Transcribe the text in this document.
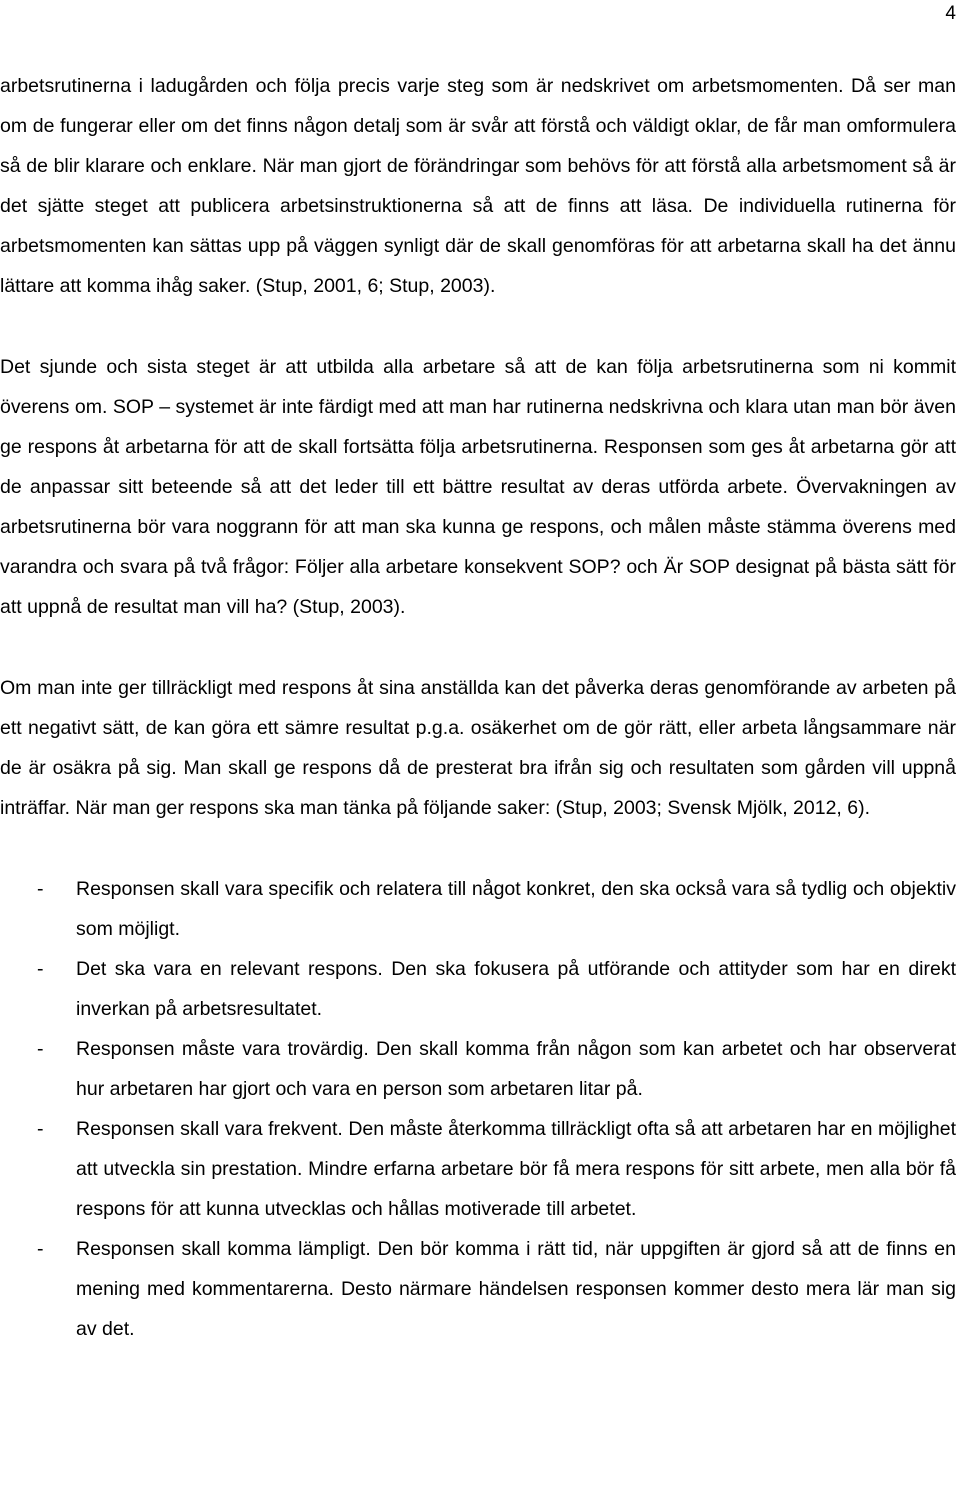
4

arbetsrutinerna i ladugården och följa precis varje steg som är nedskrivet om arbetsmomenten. Då ser man om de fungerar eller om det finns någon detalj som är svår att förstå och väldigt oklar, de får man omformulera så de blir klarare och enklare. När man gjort de förändringar som behövs för att förstå alla arbetsmoment så är det sjätte steget att publicera arbetsinstruktionerna så att de finns att läsa. De individuella rutinerna för arbetsmomenten kan sättas upp på väggen synligt där de skall genomföras för att arbetarna skall ha det ännu lättare att komma ihåg saker. (Stup, 2001, 6; Stup, 2003).

Det sjunde och sista steget är att utbilda alla arbetare så att de kan följa arbetsrutinerna som ni kommit överens om. SOP – systemet är inte färdigt med att man har rutinerna nedskrivna och klara utan man bör även ge respons åt arbetarna för att de skall fortsätta följa arbetsrutinerna. Responsen som ges åt arbetarna gör att de anpassar sitt beteende så att det leder till ett bättre resultat av deras utförda arbete. Övervakningen av arbetsrutinerna bör vara noggrann för att man ska kunna ge respons, och målen måste stämma överens med varandra och svara på två frågor: Följer alla arbetare konsekvent SOP? och Är SOP designat på bästa sätt för att uppnå de resultat man vill ha? (Stup, 2003).

Om man inte ger tillräckligt med respons åt sina anställda kan det påverka deras genomförande av arbeten på ett negativt sätt, de kan göra ett sämre resultat p.g.a. osäkerhet om de gör rätt, eller arbeta långsammare när de är osäkra på sig. Man skall ge respons då de presterat bra ifrån sig och resultaten som gården vill uppnå inträffar. När man ger respons ska man tänka på följande saker: (Stup, 2003; Svensk Mjölk, 2012, 6).

- Responsen skall vara specifik och relatera till något konkret, den ska också vara så tydlig och objektiv som möjligt.
- Det ska vara en relevant respons. Den ska fokusera på utförande och attityder som har en direkt inverkan på arbetsresultatet.
- Responsen måste vara trovärdig. Den skall komma från någon som kan arbetet och har observerat hur arbetaren har gjort och vara en person som arbetaren litar på.
- Responsen skall vara frekvent. Den måste återkomma tillräckligt ofta så att arbetaren har en möjlighet att utveckla sin prestation. Mindre erfarna arbetare bör få mera respons för sitt arbete, men alla bör få respons för att kunna utvecklas och hållas motiverade till arbetet.
- Responsen skall komma lämpligt. Den bör komma i rätt tid, när uppgiften är gjord så att de finns en mening med kommentarerna. Desto närmare händelsen responsen kommer desto mera lär man sig av det.
